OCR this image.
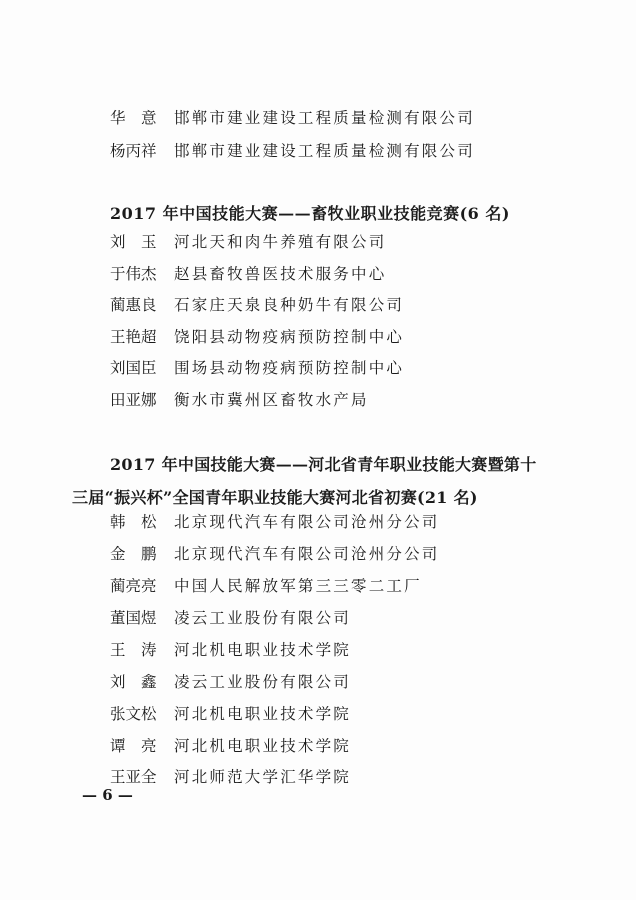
华　意	邯郸市建业建设工程质量检测有限公司
杨丙祥	邯郸市建业建设工程质量检测有限公司
2017 年中国技能大赛——畜牧业职业技能竞赛(6 名)
刘　玉	河北天和肉牛养殖有限公司
于伟杰	赵县畜牧兽医技术服务中心
蔺惠良	石家庄天泉良种奶牛有限公司
王艳超	饶阳县动物疫病预防控制中心
刘国臣	围场县动物疫病预防控制中心
田亚娜	衡水市冀州区畜牧水产局
2017 年中国技能大赛——河北省青年职业技能大赛暨第十
三届“振兴杯”全国青年职业技能大赛河北省初赛(21 名)
韩　松	北京现代汽车有限公司沧州分公司
金　鹏	北京现代汽车有限公司沧州分公司
蔺亮亮	中国人民解放军第三三零二工厂
董国煜	凌云工业股份有限公司
王　涛	河北机电职业技术学院
刘　鑫	凌云工业股份有限公司
张文松	河北机电职业技术学院
谭　亮	河北机电职业技术学院
王亚全	河北师范大学汇华学院
— 6 —
